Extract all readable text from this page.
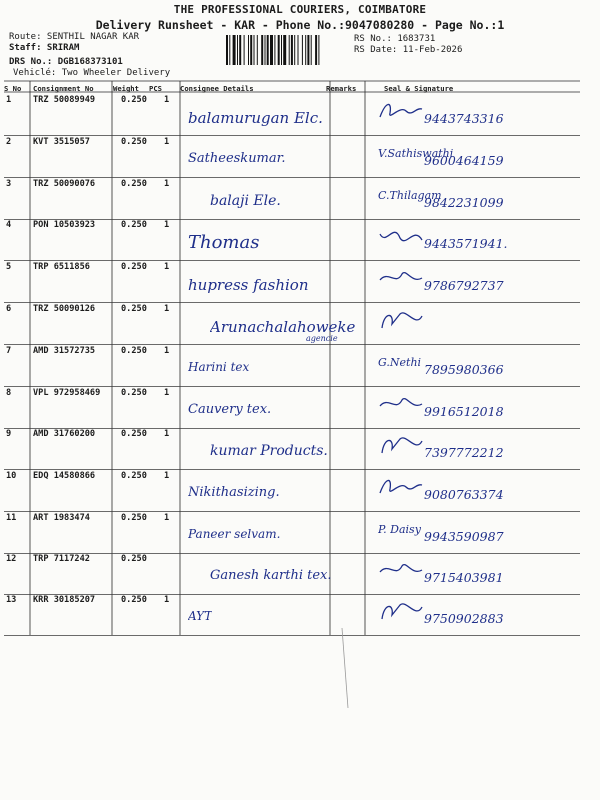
THE PROFESSIONAL COURIERS, COIMBATORE
Delivery Runsheet - KAR - Phone No.:9047080280 - Page No.:1
Route: SENTHIL NAGAR KAR
Staff: SRIRAM
DRS No.: DGB168373101
Vehiclé: Two Wheeler Delivery
RS No.: 1683731
RS Date: 11-Feb-2026
S No Consignment No	Weight PCS	Consignee Details	Remarks	Seal & Signature
1	TRZ 50089949	0.250 1
balamurugan Elc.	9443743316
2	KVT 3515057	0.250 1
Satheeskumar.	V.Sathiswathi
9600464159
3	TRZ 50090076	0.250 1
balaji Ele.	C.Thilagam
9842231099
4	PON 10503923	0.250 1
Thomas	9443571941.
5	TRP 6511856	0.250 1
hupress fashion	9786792737
6	TRZ 50090126	0.250 1
Arunachalahoweke
agencie
7	AMD 31572735	0.250 1
Harini tex	G.Nethi 7895980366
8	VPL 972958469 0.250 1
Cauvery tex.	9916512018
9	AMD 31760200	0.250 1
kumar Products.	7397772212
10 EDQ 14580866	0.250 1
Nikithasizing.	9080763374
11 ART 1983474	0.250 1
Paneer selvam.	P. Daisy 9943590987
12 TRP 7117242	0.250
Ganesh karthi tex.	9715403981
13 KRR 30185207	0.250 1
AYT	9750902883
